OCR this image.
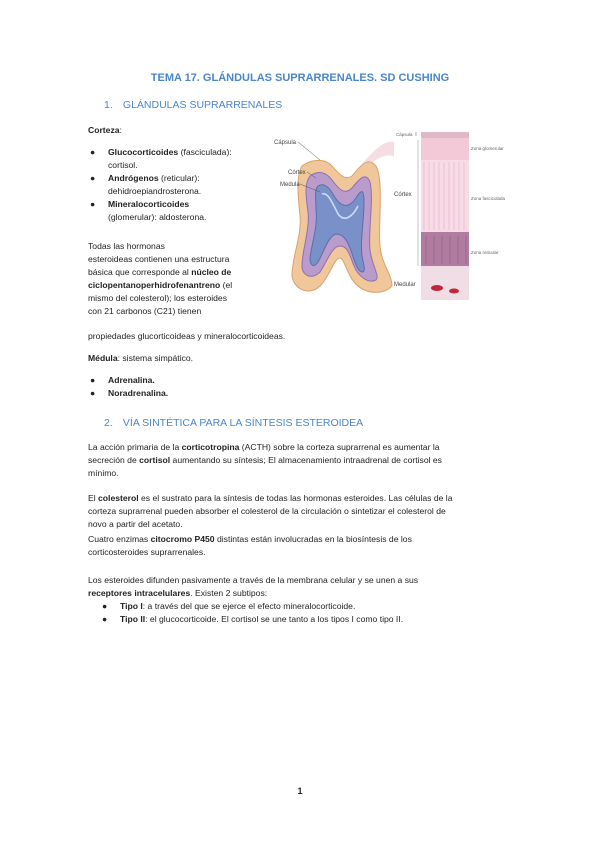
TEMA 17. GLÁNDULAS SUPRARRENALES. SD CUSHING
1. GLÁNDULAS SUPRARRENALES
Corteza:
● Glucocorticoides (fasciculada):
cortisol.
● Andrógenos (reticular):
dehidroepiandrosterona.
● Mineralocorticoides
(glomerular): aldosterona.
Todas las hormonas
esteroideas contienen una estructura
básica que corresponde al núcleo de
ciclopentanoperhidrofenantreno (el
mismo del colesterol); los esteroides
con 21 carbonos (C21) tienen
propiedades glucorticoideas y mineralocorticoideas.
Médula: sistema simpático.
● Adrenalina.
● Noradrenalina.
Cápsula
Córtex
Medula
Cápsula
Córtex
Medular
Zona glomerular
Zona fasciculada
Zona reticular
2. VÍA SINTÉTICA PARA LA SÍNTESIS ESTEROIDEA
La acción primaria de la corticotropina (ACTH) sobre la corteza suprarrenal es aumentar la
secreción de cortisol aumentando su síntesis; El almacenamiento intraadrenal de cortisol es
mínimo.
El colesterol es el sustrato para la síntesis de todas las hormonas esteroides. Las células de la
corteza suprarrenal pueden absorber el colesterol de la circulación o sintetizar el colesterol de
novo a partir del acetato.
Cuatro enzimas citocromo P450 distintas están involucradas en la biosíntesis de los
corticosteroides suprarrenales.
Los esteroides difunden pasivamente a través de la membrana celular y se unen a sus
receptores intracelulares. Existen 2 subtipos:
● Tipo I: a través del que se ejerce el efecto mineralocorticoide.
● Tipo II: el glucocorticoide. El cortisol se une tanto a los tipos I como tipo II.
1
